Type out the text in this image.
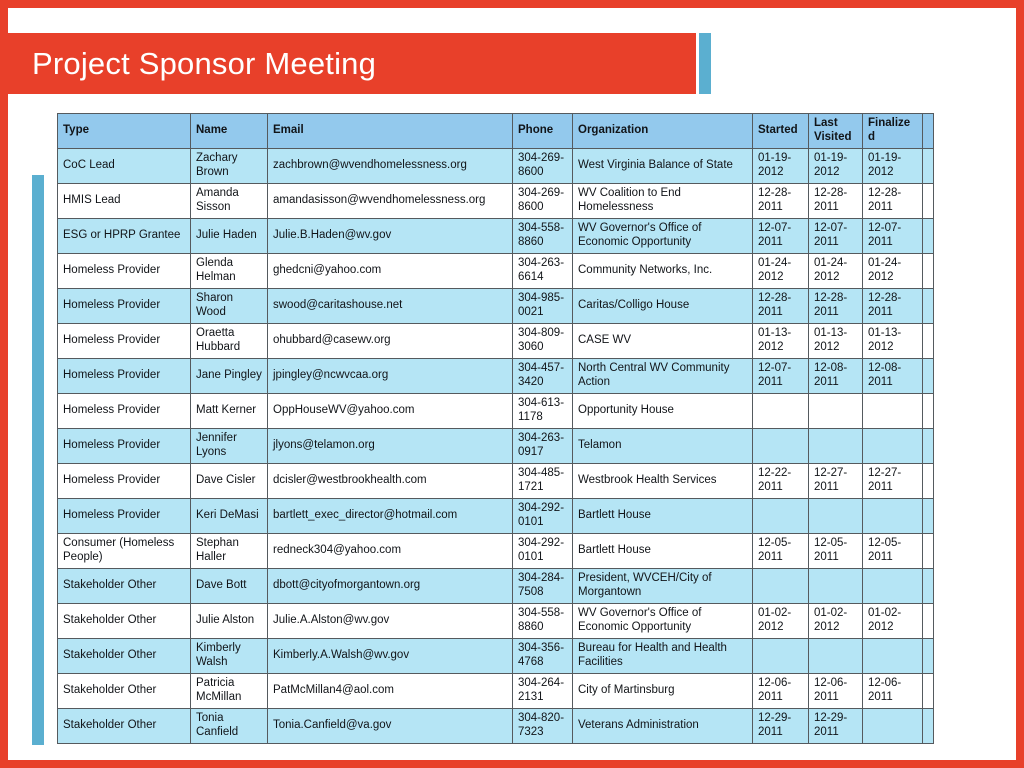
Project Sponsor Meeting
Type	Name	Email	Phone	Organization	Started	Last Visited	Finalized	
CoC Lead	Zachary Brown	zachbrown@wvendhomelessness.org	304-269-8600	West Virginia Balance of State	01-19-2012	01-19-2012	01-19-2012	
HMIS Lead	Amanda Sisson	amandasisson@wvendhomelessness.org	304-269-8600	WV Coalition to End Homelessness	12-28-2011	12-28-2011	12-28-2011	
ESG or HPRP Grantee	Julie Haden	Julie.B.Haden@wv.gov	304-558-8860	WV Governor's Office of Economic Opportunity	12-07-2011	12-07-2011	12-07-2011	
Homeless Provider	Glenda Helman	ghedcni@yahoo.com	304-263-6614	Community Networks, Inc.	01-24-2012	01-24-2012	01-24-2012	
Homeless Provider	Sharon Wood	swood@caritashouse.net	304-985-0021	Caritas/Colligo House	12-28-2011	12-28-2011	12-28-2011	
Homeless Provider	Oraetta Hubbard	ohubbard@casewv.org	304-809-3060	CASE WV	01-13-2012	01-13-2012	01-13-2012	
Homeless Provider	Jane Pingley	jpingley@ncwvcaa.org	304-457-3420	North Central WV Community Action	12-07-2011	12-08-2011	12-08-2011	
Homeless Provider	Matt Kerner	OppHouseWV@yahoo.com	304-613-1178	Opportunity House				
Homeless Provider	Jennifer Lyons	jlyons@telamon.org	304-263-0917	Telamon				
Homeless Provider	Dave Cisler	dcisler@westbrookhealth.com	304-485-1721	Westbrook Health Services	12-22-2011	12-27-2011	12-27-2011	
Homeless Provider	Keri DeMasi	bartlett_exec_director@hotmail.com	304-292-0101	Bartlett House				
Consumer (Homeless People)	Stephan Haller	redneck304@yahoo.com	304-292-0101	Bartlett House	12-05-2011	12-05-2011	12-05-2011	
Stakeholder Other	Dave Bott	dbott@cityofmorgantown.org	304-284-7508	President, WVCEH/City of Morgantown				
Stakeholder Other	Julie Alston	Julie.A.Alston@wv.gov	304-558-8860	WV Governor's Office of Economic Opportunity	01-02-2012	01-02-2012	01-02-2012	
Stakeholder Other	Kimberly Walsh	Kimberly.A.Walsh@wv.gov	304-356-4768	Bureau for Health and Health Facilities				
Stakeholder Other	Patricia McMillan	PatMcMillan4@aol.com	304-264-2131	City of Martinsburg	12-06-2011	12-06-2011	12-06-2011	
Stakeholder Other	Tonia Canfield	Tonia.Canfield@va.gov	304-820-7323	Veterans Administration	12-29-2011	12-29-2011		
